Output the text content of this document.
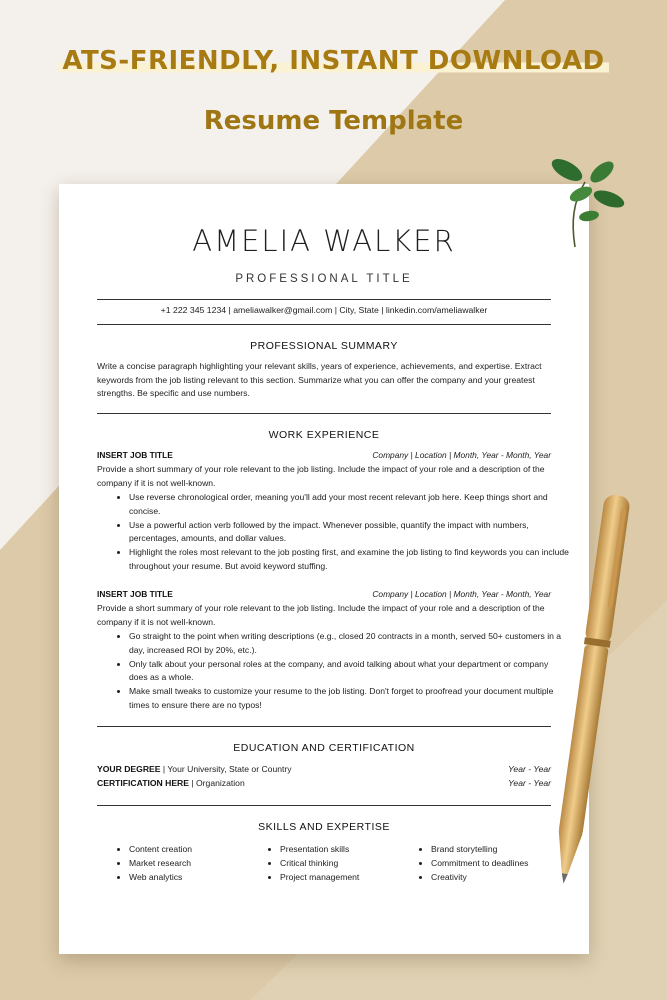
ATS-FRIENDLY, INSTANT DOWNLOAD
Resume Template
AMELIA WALKER
PROFESSIONAL TITLE
+1 222 345 1234 | ameliawalker@gmail.com | City, State | linkedin.com/ameliawalker
PROFESSIONAL SUMMARY

Write a concise paragraph highlighting your relevant skills, years of experience, achievements, and expertise. Extract keywords from the job listing relevant to this section. Summarize what you can offer the company and your greatest strengths. Be specific and use numbers.

WORK EXPERIENCE
INSERT JOB TITLE	Company | Location | Month, Year - Month, Year

Provide a short summary of your role relevant to the job listing. Include the impact of your role and a description of the company if it is not well-known.

• Use reverse chronological order, meaning you'll add your most recent relevant job here. Keep things short and concise.
• Use a powerful action verb followed by the impact. Whenever possible, quantify the impact with numbers, percentages, amounts, and dollar values.
• Highlight the roles most relevant to the job posting first, and examine the job listing to find keywords you can include throughout your resume. But avoid keyword stuffing.
INSERT JOB TITLE	Company | Location | Month, Year - Month, Year

Provide a short summary of your role relevant to the job listing. Include the impact of your role and a description of the company if it is not well-known.

• Go straight to the point when writing descriptions (e.g., closed 20 contracts in a month, served 50+ customers in a day, increased ROI by 20%, etc.).
• Only talk about your personal roles at the company, and avoid talking about what your department or company does as a whole.
• Make small tweaks to customize your resume to the job listing. Don't forget to proofread your document multiple times to ensure there are no typos!
EDUCATION AND CERTIFICATION
YOUR DEGREE | Your University, State or Country	Year - Year
CERTIFICATION HERE | Organization	Year - Year
SKILLS AND EXPERTISE
• Content creation
• Market research
• Web analytics
• Presentation skills
• Critical thinking
• Project management
• Brand storytelling
• Commitment to deadlines
• Creativity
